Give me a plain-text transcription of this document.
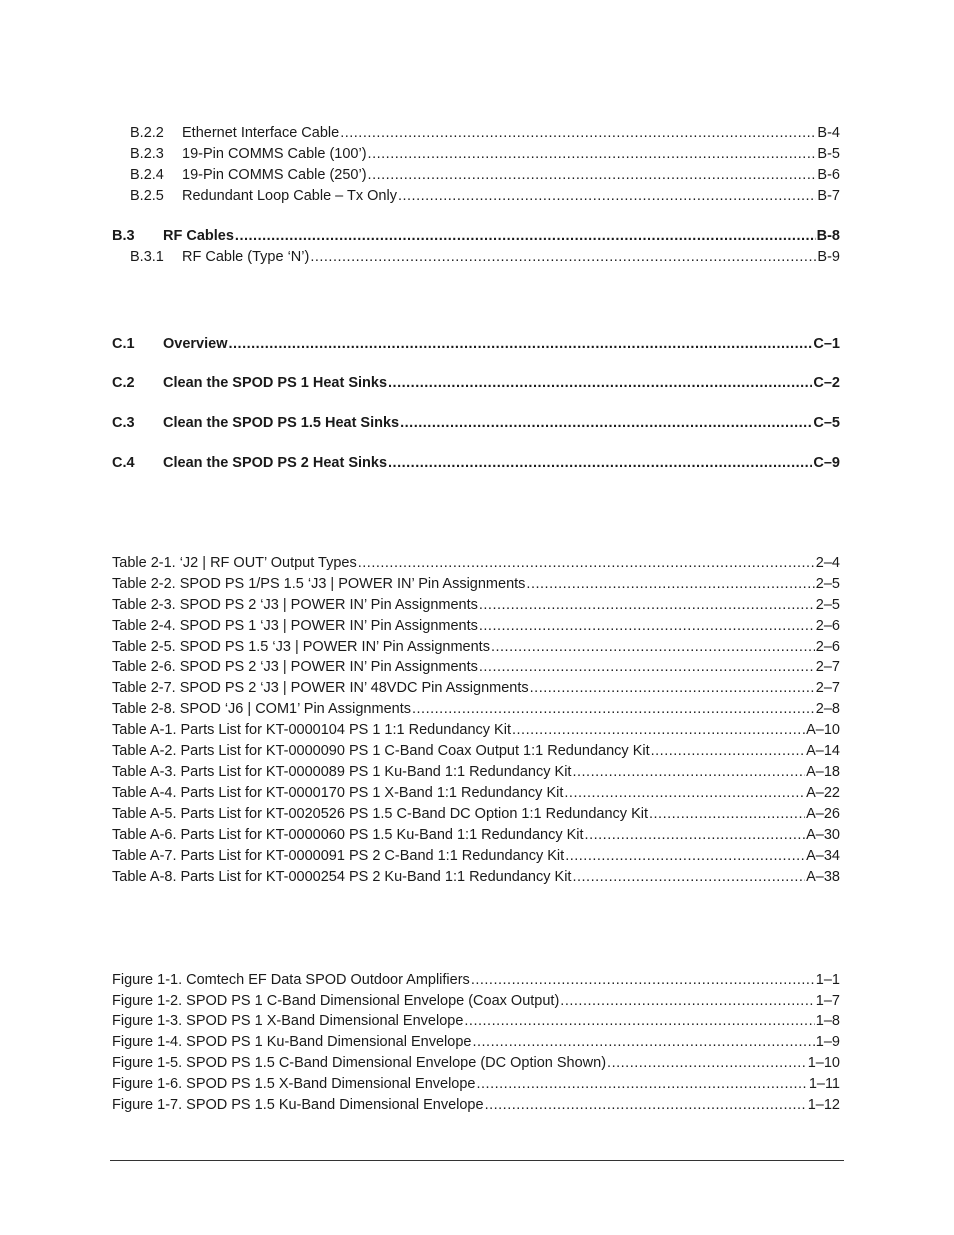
B.2.2	Ethernet Interface Cable .....	B-4
B.2.3	19-Pin COMMS Cable (100’) .....	B-5
B.2.4	19-Pin COMMS Cable (250’) .....	B-6
B.2.5	Redundant Loop Cable – Tx Only .....	B-7
B.3	RF Cables .....	B-8
B.3.1	RF Cable (Type ‘N’) .....	B-9
C.1	Overview .....	C–1
C.2	Clean the SPOD PS 1 Heat Sinks .....	C–2
C.3	Clean the SPOD PS 1.5 Heat Sinks .....	C–5
C.4	Clean the SPOD PS 2 Heat Sinks .....	C–9
Table 2-1. ‘J2 | RF OUT’ Output Types .....	2–4
Table 2-2. SPOD PS 1/PS 1.5 ‘J3 | POWER IN’ Pin Assignments .....	2–5
Table 2-3. SPOD PS 2 ‘J3 | POWER IN’ Pin Assignments .....	2–5
Table 2-4. SPOD PS 1 ‘J3 | POWER IN’ Pin Assignments .....	2–6
Table 2-5. SPOD PS 1.5 ‘J3 | POWER IN’ Pin Assignments .....	2–6
Table 2-6. SPOD PS 2 ‘J3 | POWER IN’ Pin Assignments .....	2–7
Table 2-7. SPOD PS 2 ‘J3 | POWER IN’ 48VDC Pin Assignments .....	2–7
Table 2-8. SPOD ‘J6 | COM1’ Pin Assignments .....	2–8
Table A-1. Parts List for KT-0000104 PS 1 1:1 Redundancy Kit .....	A–10
Table A-2. Parts List for KT-0000090 PS 1 C-Band Coax Output 1:1 Redundancy Kit .....	A–14
Table A-3. Parts List for KT-0000089 PS 1 Ku-Band 1:1 Redundancy Kit .....	A–18
Table A-4. Parts List for KT-0000170 PS 1 X-Band 1:1 Redundancy Kit .....	A–22
Table A-5. Parts List for KT-0020526 PS 1.5 C-Band DC Option 1:1 Redundancy Kit .....	A–26
Table A-6. Parts List for KT-0000060 PS 1.5 Ku-Band 1:1 Redundancy Kit .....	A–30
Table A-7. Parts List for KT-0000091 PS 2 C-Band 1:1 Redundancy Kit .....	A–34
Table A-8. Parts List for KT-0000254 PS 2 Ku-Band 1:1 Redundancy Kit .....	A–38
Figure 1-1. Comtech EF Data SPOD Outdoor Amplifiers .....	1–1
Figure 1-2. SPOD PS 1 C-Band Dimensional Envelope (Coax Output) .....	1–7
Figure 1-3. SPOD PS 1 X-Band Dimensional Envelope .....	1–8
Figure 1-4. SPOD PS 1 Ku-Band Dimensional Envelope .....	1–9
Figure 1-5. SPOD PS 1.5 C-Band Dimensional Envelope (DC Option Shown) .....	1–10
Figure 1-6. SPOD PS 1.5 X-Band Dimensional Envelope .....	1–11
Figure 1-7. SPOD PS 1.5 Ku-Band Dimensional Envelope .....	1–12
